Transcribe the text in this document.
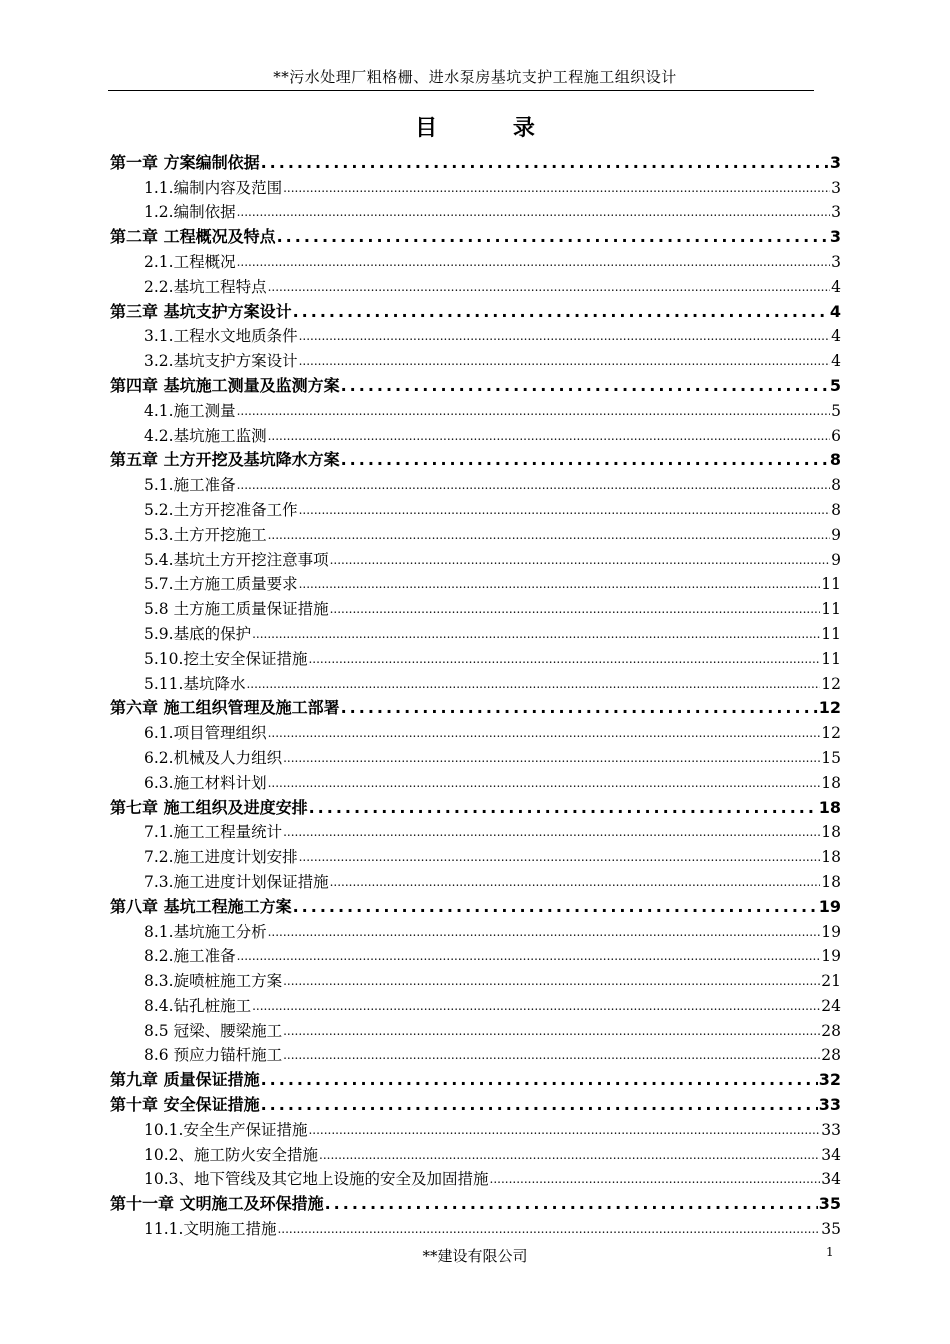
**污水处理厂粗格栅、进水泵房基坑支护工程施工组织设计
目 录
第一章 方案编制依据 .....	3
1.1.编制内容及范围 .....	3
1.2.编制依据 .....	3
第二章 工程概况及特点 .....	3
2.1.工程概况 .....	3
2.2.基坑工程特点 .....	4
第三章 基坑支护方案设计 .....	4
3.1.工程水文地质条件 .....	4
3.2.基坑支护方案设计 .....	4
第四章 基坑施工测量及监测方案 .....	5
4.1.施工测量 .....	5
4.2.基坑施工监测 .....	6
第五章 土方开挖及基坑降水方案 .....	8
5.1.施工准备 .....	8
5.2.土方开挖准备工作 .....	8
5.3.土方开挖施工 .....	9
5.4.基坑土方开挖注意事项 .....	9
5.7.土方施工质量要求 .....	11
5.8 土方施工质量保证措施 .....	11
5.9.基底的保护 .....	11
5.10.挖土安全保证措施 .....	11
5.11.基坑降水 .....	12
第六章 施工组织管理及施工部署 .....	12
6.1.项目管理组织 .....	12
6.2.机械及人力组织 .....	15
6.3.施工材料计划 .....	18
第七章 施工组织及进度安排 .....	18
7.1.施工工程量统计 .....	18
7.2.施工进度计划安排 .....	18
7.3.施工进度计划保证措施 .....	18
第八章 基坑工程施工方案 .....	19
8.1.基坑施工分析 .....	19
8.2.施工准备 .....	19
8.3.旋喷桩施工方案 .....	21
8.4.钻孔桩施工 .....	24
8.5 冠梁、腰梁施工 .....	28
8.6 预应力锚杆施工 .....	28
第九章 质量保证措施 .....	32
第十章 安全保证措施 .....	33
10.1.安全生产保证措施 .....	33
10.2、施工防火安全措施 .....	34
10.3、地下管线及其它地上设施的安全及加固措施 .....	34
第十一章 文明施工及环保措施 .....	35
11.1.文明施工措施 .....	35
**建设有限公司	1
